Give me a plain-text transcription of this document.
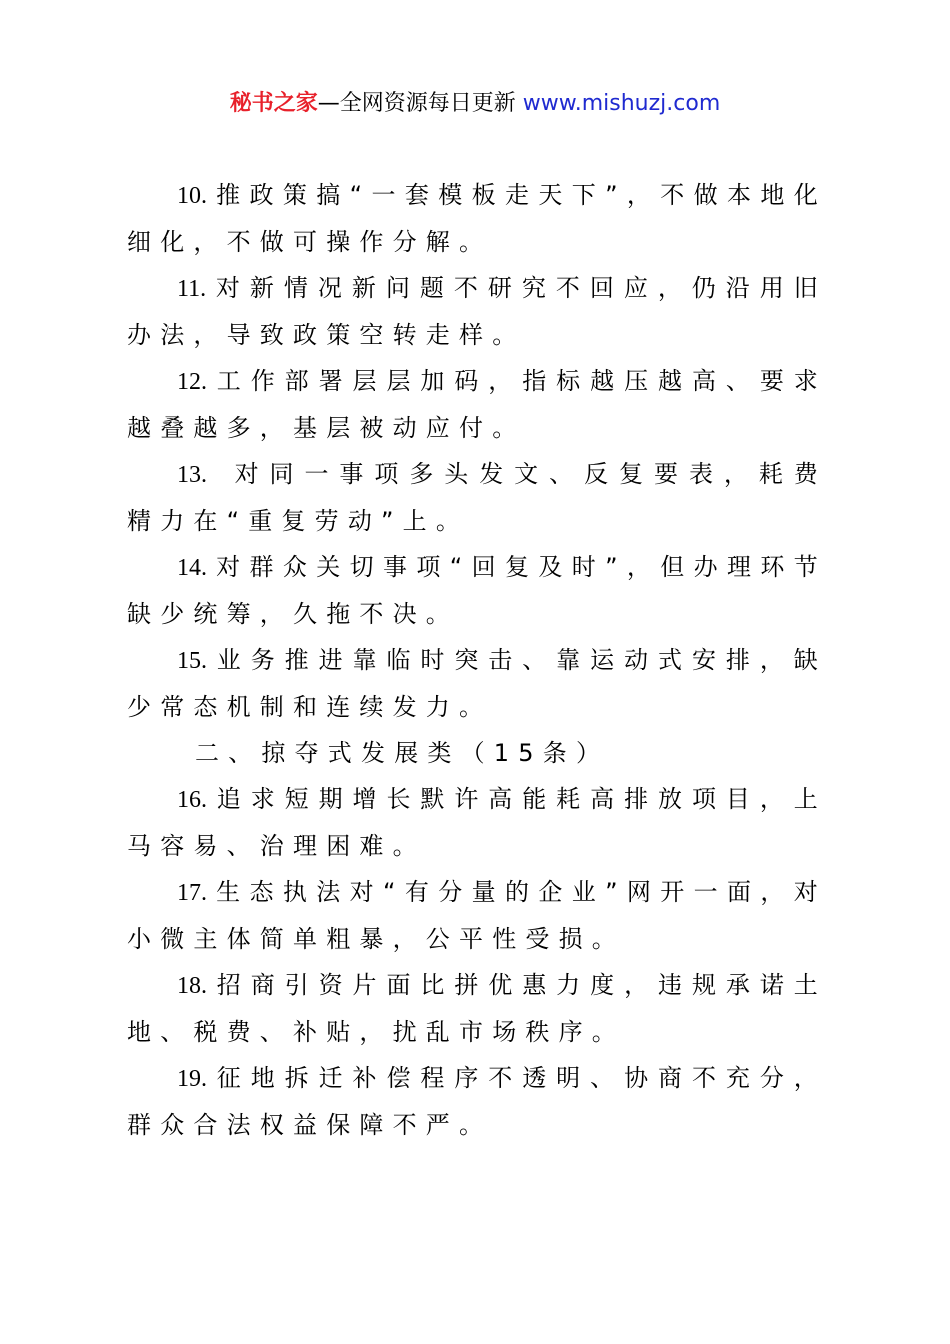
秘书之家—全网资源每日更新 www.mishuzj.com

10. 推政策搞“一套模板走天下”，不做本地化细化，不做可操作分解。

11. 对新情况新问题不研究不回应，仍沿用旧办法，导致政策空转走样。

12. 工作部署层层加码，指标越压越高、要求越叠越多，基层被动应付。

13. 对同一事项多头发文、反复要表，耗费精力在“重复劳动”上。

14. 对群众关切事项“回复及时”，但办理环节缺少统筹，久拖不决。

15. 业务推进靠临时突击、靠运动式安排，缺少常态机制和连续发力。

二、掠夺式发展类（15条）

16. 追求短期增长默许高能耗高排放项目，上马容易、治理困难。

17. 生态执法对“有分量的企业”网开一面，对小微主体简单粗暴，公平性受损。

18. 招商引资片面比拼优惠力度，违规承诺土地、税费、补贴，扰乱市场秩序。

19. 征地拆迁补偿程序不透明、协商不充分，群众合法权益保障不严。
